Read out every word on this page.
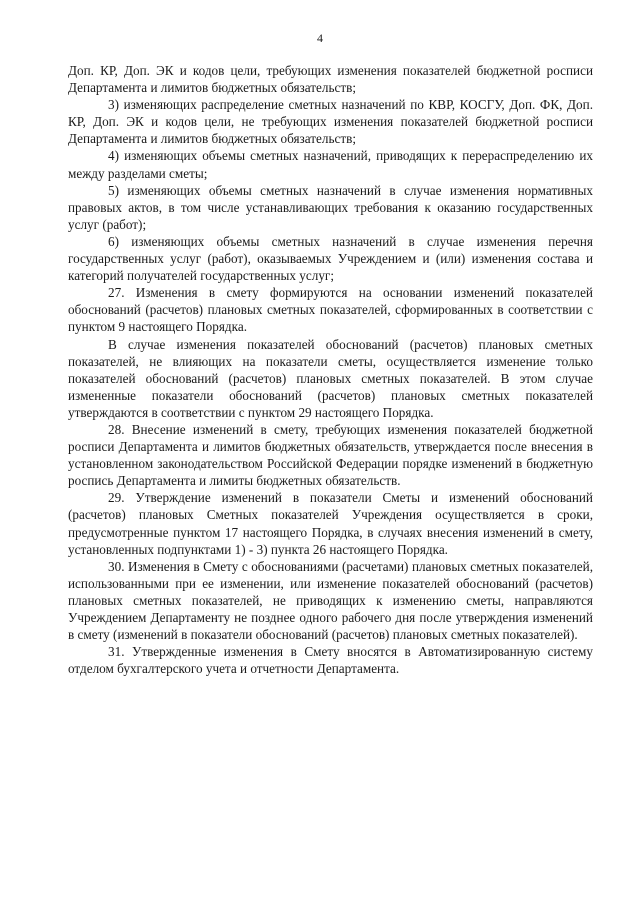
4

Доп. КР, Доп. ЭК и кодов цели, требующих изменения показателей бюджетной росписи Департамента и лимитов бюджетных обязательств;

3) изменяющих распределение сметных назначений по КВР, КОСГУ, Доп. ФК, Доп. КР, Доп. ЭК и кодов цели, не требующих изменения показателей бюджетной росписи Департамента и лимитов бюджетных обязательств;

4) изменяющих объемы сметных назначений, приводящих к перераспределению их между разделами сметы;

5) изменяющих объемы сметных назначений в случае изменения нормативных правовых актов, в том числе устанавливающих требования к оказанию государственных услуг (работ);

6) изменяющих объемы сметных назначений в случае изменения перечня государственных услуг (работ), оказываемых Учреждением и (или) изменения состава и категорий получателей государственных услуг;

27. Изменения в смету формируются на основании изменений показателей обоснований (расчетов) плановых сметных показателей, сформированных в соответствии с пунктом 9 настоящего Порядка.

В случае изменения показателей обоснований (расчетов) плановых сметных показателей, не влияющих на показатели сметы, осуществляется изменение только показателей обоснований (расчетов) плановых сметных показателей. В этом случае измененные показатели обоснований (расчетов) плановых сметных показателей утверждаются в соответствии с пунктом 29 настоящего Порядка.

28. Внесение изменений в смету, требующих изменения показателей бюджетной росписи Департамента и лимитов бюджетных обязательств, утверждается после внесения в установленном законодательством Российской Федерации порядке изменений в бюджетную роспись Департамента и лимиты бюджетных обязательств.

29. Утверждение изменений в показатели Сметы и изменений обоснований (расчетов) плановых Сметных показателей Учреждения осуществляется в сроки, предусмотренные пунктом 17 настоящего Порядка, в случаях внесения изменений в смету, установленных подпунктами 1) - 3) пункта 26 настоящего Порядка.

30. Изменения в Смету с обоснованиями (расчетами) плановых сметных показателей, использованными при ее изменении, или изменение показателей обоснований (расчетов) плановых сметных показателей, не приводящих к изменению сметы, направляются Учреждением Департаменту не позднее одного рабочего дня после утверждения изменений в смету (изменений в показатели обоснований (расчетов) плановых сметных показателей).

31. Утвержденные изменения в Смету вносятся в Автоматизированную систему отделом бухгалтерского учета и отчетности Департамента.
